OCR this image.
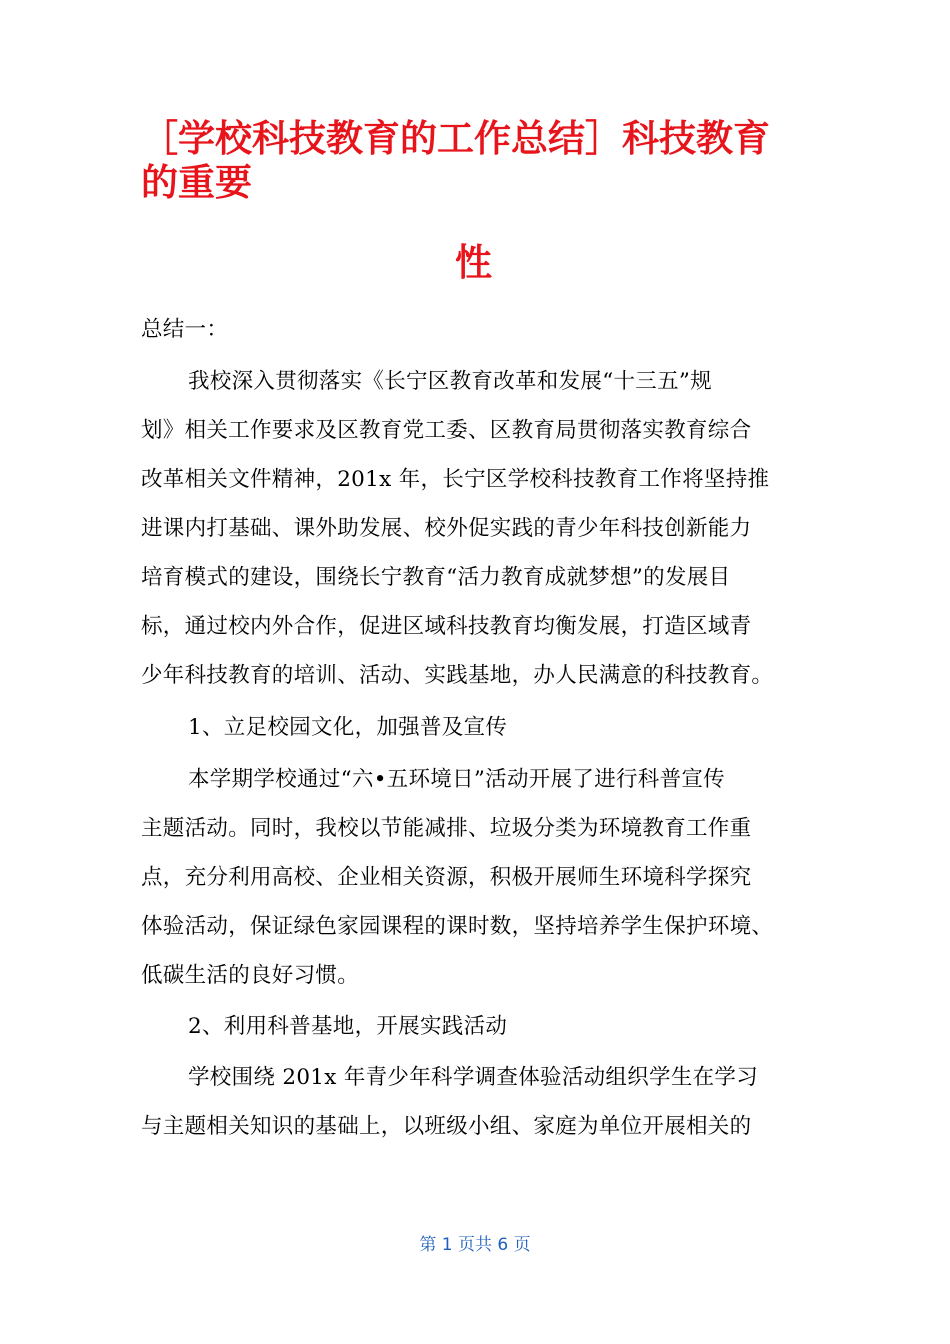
［学校科技教育的工作总结］科技教育
的重要
性
总结一：
我校深入贯彻落实《长宁区教育改革和发展“十三五”规
划》相关工作要求及区教育党工委、区教育局贯彻落实教育综合
改革相关文件精神，201x 年，长宁区学校科技教育工作将坚持推
进课内打基础、课外助发展、校外促实践的青少年科技创新能力
培育模式的建设，围绕长宁教育“活力教育成就梦想”的发展目
标，通过校内外合作，促进区域科技教育均衡发展，打造区域青
少年科技教育的培训、活动、实践基地，办人民满意的科技教育。
1、立足校园文化，加强普及宣传
本学期学校通过“六•五环境日”活动开展了进行科普宣传
主题活动。同时，我校以节能减排、垃圾分类为环境教育工作重
点，充分利用高校、企业相关资源，积极开展师生环境科学探究
体验活动，保证绿色家园课程的课时数，坚持培养学生保护环境、
低碳生活的良好习惯。
2、利用科普基地，开展实践活动
学校围绕 201x 年青少年科学调查体验活动组织学生在学习
与主题相关知识的基础上，以班级小组、家庭为单位开展相关的
第 1 页共 6 页
